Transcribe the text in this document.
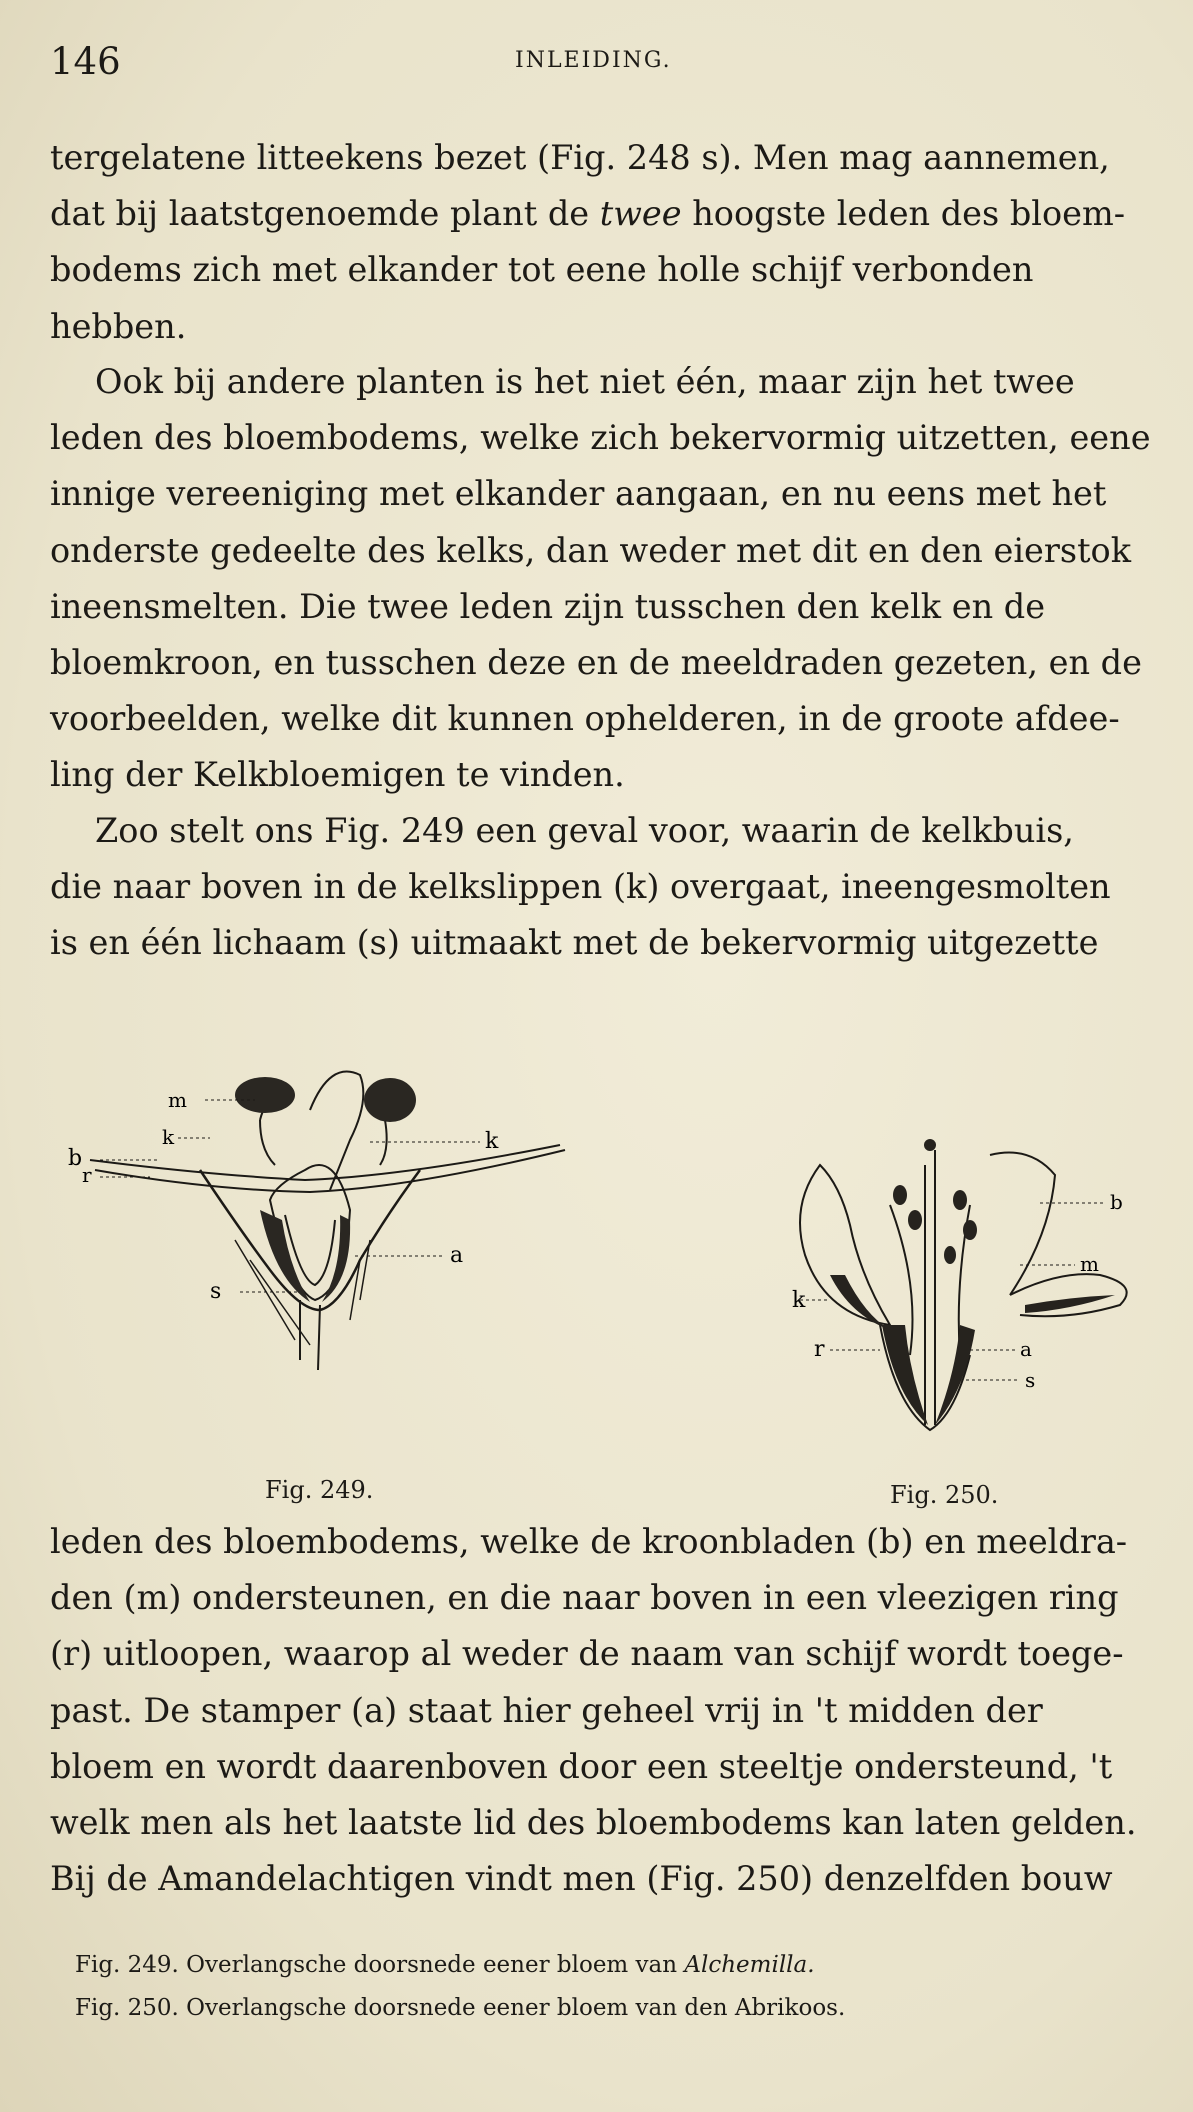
146	INLEIDING.
tergelatene litteekens bezet (Fig. 248 s). Men mag aannemen,
dat bij laatstgenoemde plant de twee hoogste leden des bloem-
bodems zich met elkander tot eene holle schijf verbonden
hebben.
Ook bij andere planten is het niet één, maar zijn het twee
leden des bloembodems, welke zich bekervormig uitzetten, eene
innige vereeniging met elkander aangaan, en nu eens met het
onderste gedeelte des kelks, dan weder met dit en den eierstok
ineensmelten. Die twee leden zijn tusschen den kelk en de
bloemkroon, en tusschen deze en de meeldraden gezeten, en de
voorbeelden, welke dit kunnen ophelderen, in de groote afdee-
ling der Kelkbloemigen te vinden.
Zoo stelt ons Fig. 249 een geval voor, waarin de kelkbuis,
die naar boven in de kelkslippen (k) overgaat, ineengesmolten
is en één lichaam (s) uitmaakt met de bekervormig uitgezette
m
k
b
r
k
a
s
Fig. 249.
b
m
k
r	a
s
Fig. 250.
leden des bloembodems, welke de kroonbladen (b) en meeldra-
den (m) ondersteunen, en die naar boven in een vleezigen ring
(r) uitloopen, waarop al weder de naam van schijf wordt toege-
past. De stamper (a) staat hier geheel vrij in 't midden der
bloem en wordt daarenboven door een steeltje ondersteund, 't
welk men als het laatste lid des bloembodems kan laten gelden.
Bij de Amandelachtigen vindt men (Fig. 250) denzelfden bouw
Fig. 249. Overlangsche doorsnede eener bloem van Alchemilla.
Fig. 250. Overlangsche doorsnede eener bloem van den Abrikoos.
